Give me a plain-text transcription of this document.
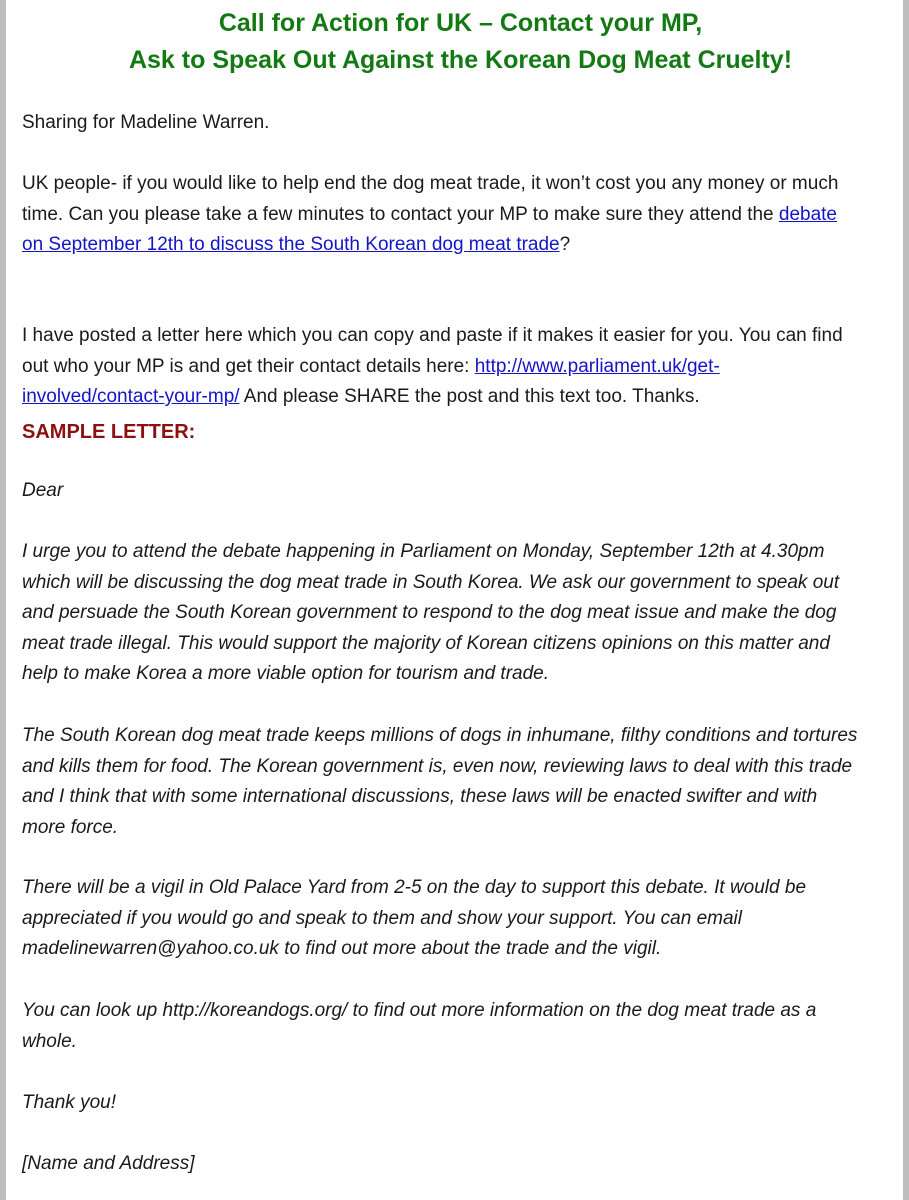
Call for Action for UK – Contact your MP,
Ask to Speak Out Against the Korean Dog Meat Cruelty!

Sharing for Madeline Warren.

UK people- if you would like to help end the dog meat trade, it won’t cost you any money or much
time. Can you please take a few minutes to contact your MP to make sure they attend the debate
on September 12th to discuss the South Korean dog meat trade?

I have posted a letter here which you can copy and paste if it makes it easier for you. You can find
out who your MP is and get their contact details here: http://www.parliament.uk/get-
involved/contact-your-mp/ And please SHARE the post and this text too. Thanks.

SAMPLE LETTER:

Dear

I urge you to attend the debate happening in Parliament on Monday, September 12th at 4.30pm
which will be discussing the dog meat trade in South Korea. We ask our government to speak out
and persuade the South Korean government to respond to the dog meat issue and make the dog
meat trade illegal. This would support the majority of Korean citizens opinions on this matter and
help to make Korea a more viable option for tourism and trade.

The South Korean dog meat trade keeps millions of dogs in inhumane, filthy conditions and tortures
and kills them for food. The Korean government is, even now, reviewing laws to deal with this trade
and I think that with some international discussions, these laws will be enacted swifter and with
more force.

There will be a vigil in Old Palace Yard from 2-5 on the day to support this debate. It would be
appreciated if you would go and speak to them and show your support. You can email
madelinewarren@yahoo.co.uk to find out more about the trade and the vigil.

You can look up http://koreandogs.org/ to find out more information on the dog meat trade as a
whole.

Thank you!

[Name and Address]
